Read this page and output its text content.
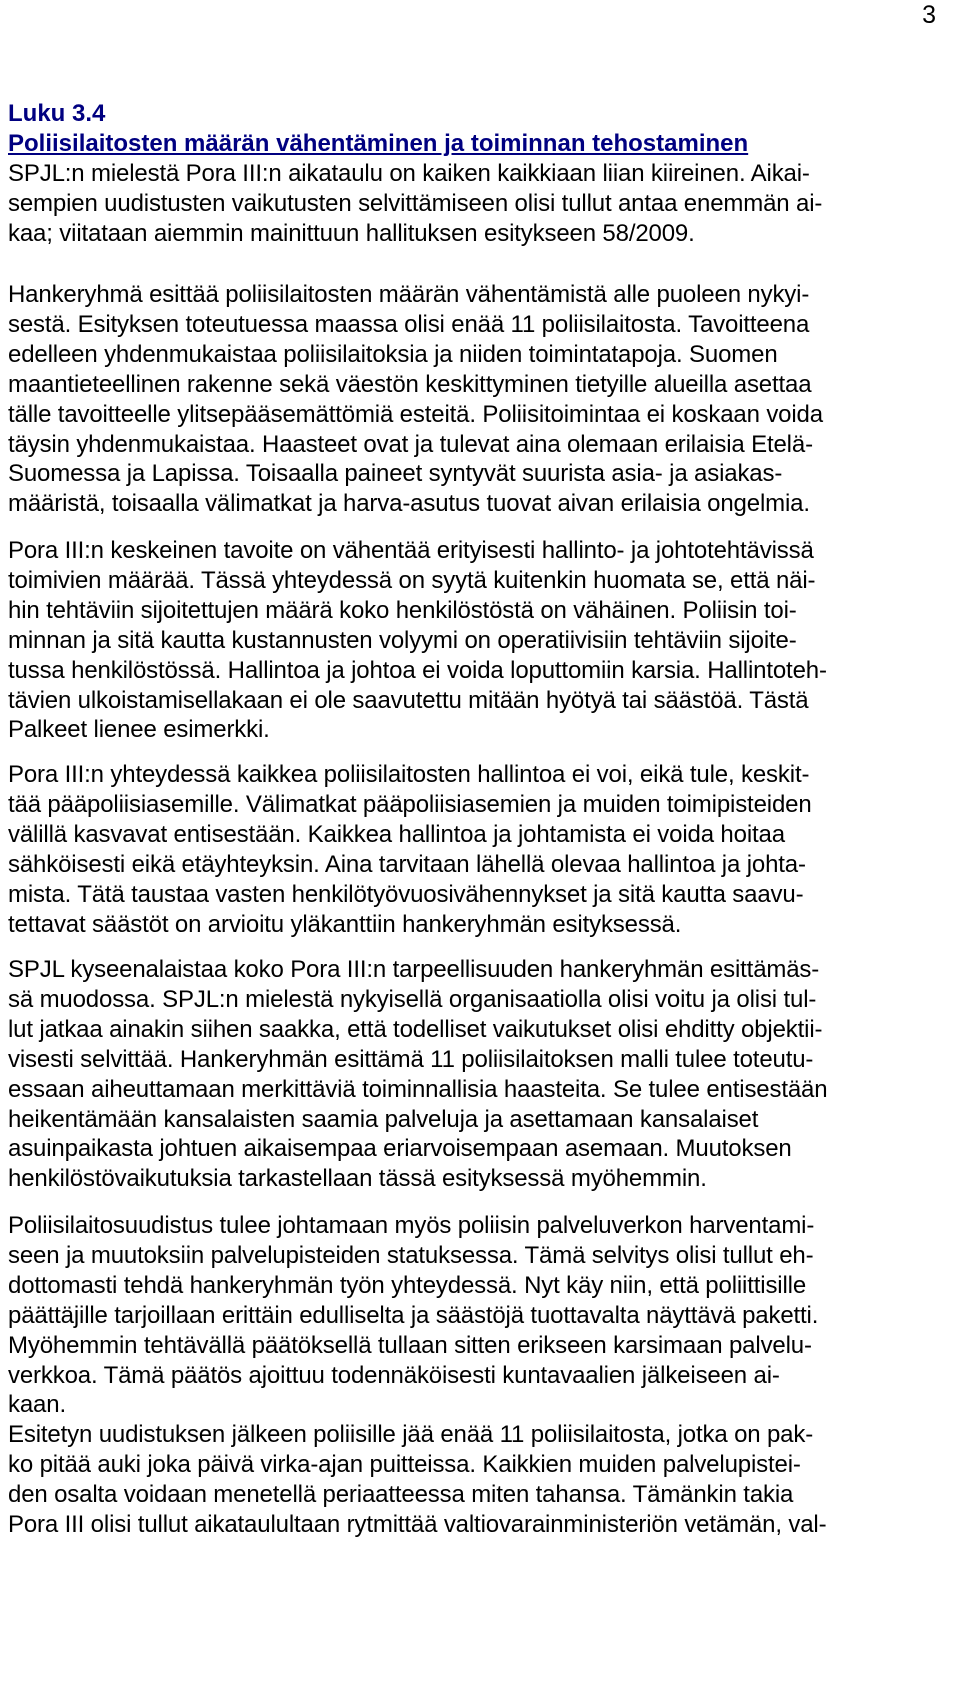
3

Luku 3.4

Poliisilaitosten määrän vähentäminen ja toiminnan tehostaminen

SPJL:n mielestä Pora III:n aikataulu on kaiken kaikkiaan liian kiireinen. Aikai-

sempien uudistusten vaikutusten selvittämiseen olisi tullut antaa enemmän ai-

kaa; viitataan aiemmin mainittuun hallituksen esitykseen 58/2009.

Hankeryhmä esittää poliisilaitosten määrän vähentämistä alle puoleen nykyi-

sestä. Esityksen toteutuessa maassa olisi enää 11 poliisilaitosta. Tavoitteena

edelleen yhdenmukaistaa poliisilaitoksia ja niiden toimintatapoja. Suomen

maantieteellinen rakenne sekä väestön keskittyminen tietyille alueilla asettaa

tälle tavoitteelle ylitsepääsemättömiä esteitä. Poliisitoimintaa ei koskaan voida

täysin yhdenmukaistaa. Haasteet ovat ja tulevat aina olemaan erilaisia Etelä-

Suomessa ja Lapissa. Toisaalla paineet syntyvät suurista asia- ja asiakas-

määristä, toisaalla välimatkat ja harva-asutus tuovat aivan erilaisia ongelmia.

Pora III:n keskeinen tavoite on vähentää erityisesti hallinto- ja johtotehtävissä

toimivien määrää. Tässä yhteydessä on syytä kuitenkin huomata se, että näi-

hin tehtäviin sijoitettujen määrä koko henkilöstöstä on vähäinen. Poliisin toi-

minnan ja sitä kautta kustannusten volyymi on operatiivisiin tehtäviin sijoite-

tussa henkilöstössä. Hallintoa ja johtoa ei voida loputtomiin karsia. Hallintoteh-

tävien ulkoistamisellakaan ei ole saavutettu mitään hyötyä tai säästöä. Tästä

Palkeet lienee esimerkki.

Pora III:n yhteydessä kaikkea poliisilaitosten hallintoa ei voi, eikä tule, keskit-

tää pääpoliisiasemille. Välimatkat pääpoliisiasemien ja muiden toimipisteiden

välillä kasvavat entisestään. Kaikkea hallintoa ja johtamista ei voida hoitaa

sähköisesti eikä etäyhteyksin. Aina tarvitaan lähellä olevaa hallintoa ja johta-

mista. Tätä taustaa vasten henkilötyövuosivähennykset ja sitä kautta saavu-

tettavat säästöt on arvioitu yläkanttiin hankeryhmän esityksessä.

SPJL kyseenalaistaa koko Pora III:n tarpeellisuuden hankeryhmän esittämäs-

sä muodossa. SPJL:n mielestä nykyisellä organisaatiolla olisi voitu ja olisi tul-

lut jatkaa ainakin siihen saakka, että todelliset vaikutukset olisi ehditty objektii-

visesti selvittää. Hankeryhmän esittämä 11 poliisilaitoksen malli tulee toteutu-

essaan aiheuttamaan merkittäviä toiminnallisia haasteita. Se tulee entisestään

heikentämään kansalaisten saamia palveluja ja asettamaan kansalaiset

asuinpaikasta johtuen aikaisempaa eriarvoisempaan asemaan. Muutoksen

henkilöstövaikutuksia tarkastellaan tässä esityksessä myöhemmin.

Poliisilaitosuudistus tulee johtamaan myös poliisin palveluverkon harventami-

seen ja muutoksiin palvelupisteiden statuksessa. Tämä selvitys olisi tullut eh-

dottomasti tehdä hankeryhmän työn yhteydessä. Nyt käy niin, että poliittisille

päättäjille tarjoillaan erittäin edulliselta ja säästöjä tuottavalta näyttävä paketti.

Myöhemmin tehtävällä päätöksellä tullaan sitten erikseen karsimaan palvelu-

verkkoa. Tämä päätös ajoittuu todennäköisesti kuntavaalien jälkeiseen ai-

kaan.

Esitetyn uudistuksen jälkeen poliisille jää enää 11 poliisilaitosta, jotka on pak-

ko pitää auki joka päivä virka-ajan puitteissa. Kaikkien muiden palvelupistei-

den osalta voidaan menetellä periaatteessa miten tahansa. Tämänkin takia

Pora III olisi tullut aikataulultaan rytmittää valtiovarainministeriön vetämän, val-
